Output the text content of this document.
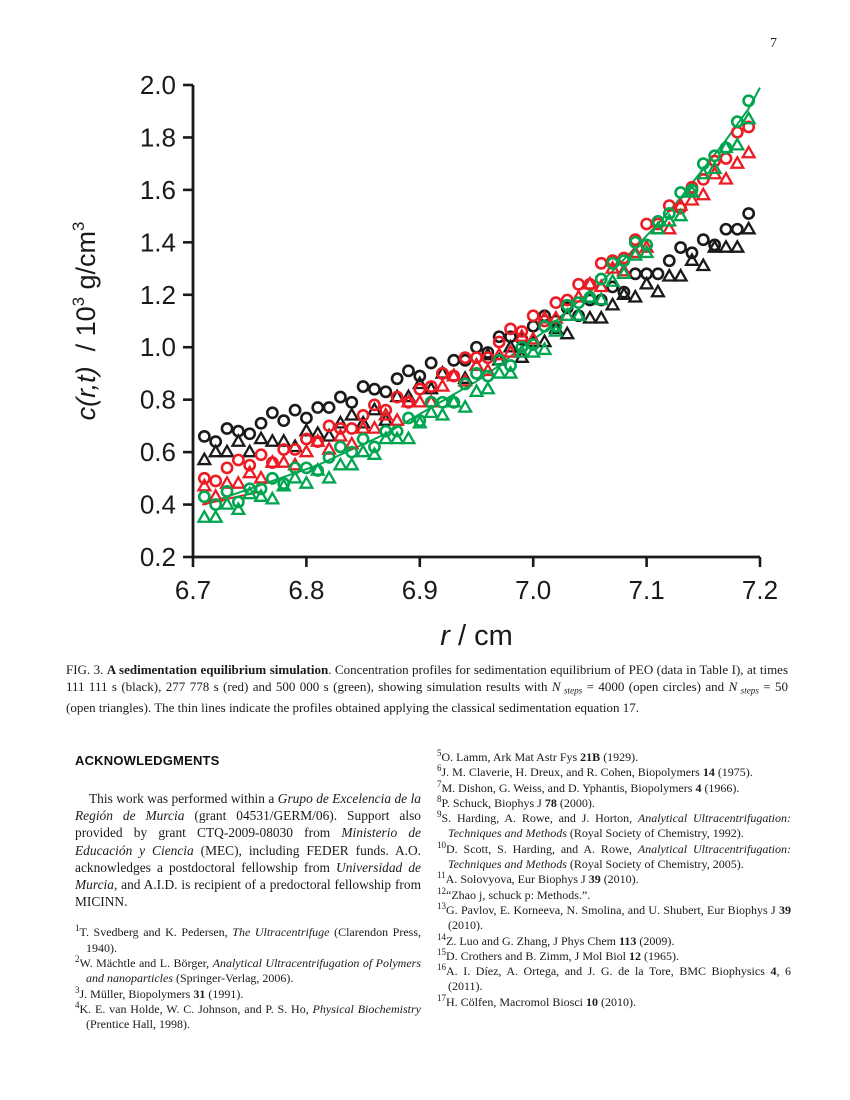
7
0.2
0.4
0.6
0.8
1.0
1.2
1.4
1.6
1.8
2.0
6.7	6.8	6.9	7.0	7.1	7.2
r / cm
$c(r,t) / 10^3$ $g/cm^3$
FIG. 3. A sedimentation equilibrium simulation. Concentration profiles for sedimentation equilibrium of PEO (data in Table I), at times 111 111 s (black), 277 778 s (red) and 500 000 s (green), showing simulation results with N $_{steps}$ = 4000 (open circles) and N $_{steps}$ = 50 (open triangles). The thin lines indicate the profiles obtained applying the classical sedimentation equation 17.
ACKNOWLEDGMENTS

This work was performed within a Grupo de Excelencia de la Región de Murcia (grant 04531/GERM/06). Support also provided by grant CTQ-2009-08030 from Ministerio de Educación y Ciencia (MEC), including FEDER funds. A.O. acknowledges a postdoctoral fellowship from Universidad de Murcia, and A.I.D. is recipient of a predoctoral fellowship from MICINN.

$^1$T. Svedberg and K. Pedersen, The Ultracentrifuge (Clarendon Press, 1940).
$^2$W. Mächtle and L. Börger, Analytical Ultracentrifugation of Polymers and nanoparticles (Springer-Verlag, 2006).
$^3$J. Müller, Biopolymers 31 (1991).
$^4$K. E. van Holde, W. C. Johnson, and P. S. Ho, Physical Biochemistry (Prentice Hall, 1998).
$^5$O. Lamm, Ark Mat Astr Fys 21B (1929).
$^6$J. M. Claverie, H. Dreux, and R. Cohen, Biopolymers 14 (1975).
$^7$M. Dishon, G. Weiss, and D. Yphantis, Biopolymers 4 (1966).
$^8$P. Schuck, Biophys J 78 (2000).
$^9$S. Harding, A. Rowe, and J. Horton, Analytical Ultracentrifugation: Techniques and Methods (Royal Society of Chemistry, 1992).
$^{10}$D. Scott, S. Harding, and A. Rowe, Analytical Ultracentrifugation: Techniques and Methods (Royal Society of Chemistry, 2005).
$^{11}$A. Solovyova, Eur Biophys J 39 (2010).
$^{12}$“Zhao j, schuck p: Methods.”.
$^{13}$G. Pavlov, E. Korneeva, N. Smolina, and U. Shubert, Eur Biophys J 39 (2010).
$^{14}$Z. Luo and G. Zhang, J Phys Chem 113 (2009).
$^{15}$D. Crothers and B. Zimm, J Mol Biol 12 (1965).
$^{16}$A. I. Díez, A. Ortega, and J. G. de la Tore, BMC Biophysics 4, 6 (2011).
$^{17}$H. Cölfen, Macromol Biosci 10 (2010).
